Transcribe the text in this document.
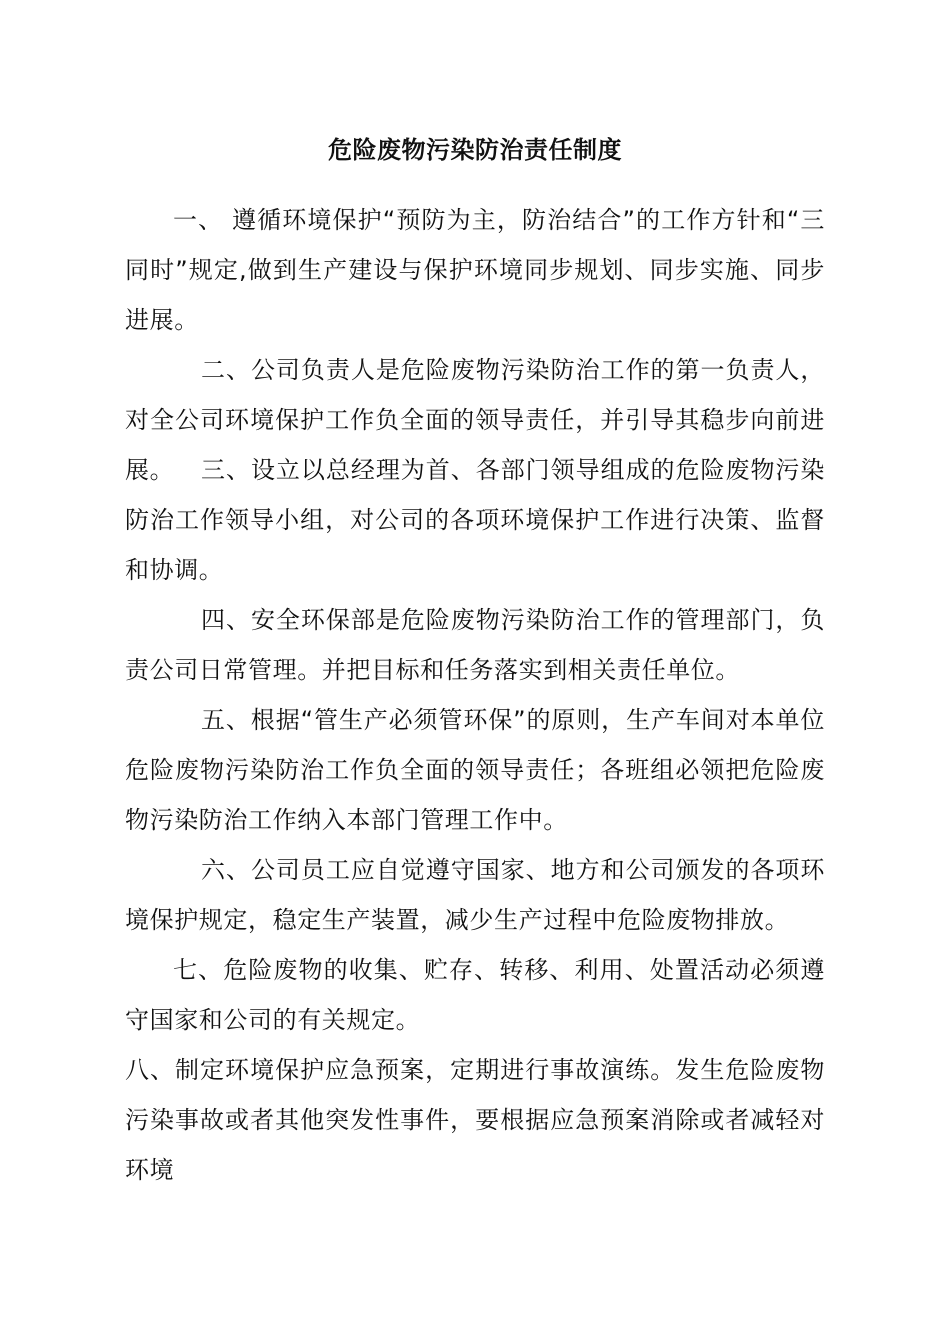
危险废物污染防治责任制度
一、 遵循环境保护“预防为主，防治结合”的工作方针和“三同时”规定,做到生产建设与保护环境同步规划、同步实施、同步进展。
二、公司负责人是危险废物污染防治工作的第一负责人，对全公司环境保护工作负全面的领导责任，并引导其稳步向前进展。	三、设立以总经理为首、各部门领导组成的危险废物污染防治工作领导小组，对公司的各项环境保护工作进行决策、监督和协调。
四、安全环保部是危险废物污染防治工作的管理部门，负责公司日常管理。并把目标和任务落实到相关责任单位。
五、根据“管生产必须管环保”的原则，生产车间对本单位危险废物污染防治工作负全面的领导责任；各班组必领把危险废物污染防治工作纳入本部门管理工作中。
六、公司员工应自觉遵守国家、地方和公司颁发的各项环境保护规定，稳定生产装置，减少生产过程中危险废物排放。
七、危险废物的收集、贮存、转移、利用、处置活动必须遵守国家和公司的有关规定。
八、制定环境保护应急预案，定期进行事故演练。发生危险废物污染事故或者其他突发性事件，要根据应急预案消除或者减轻对环境
